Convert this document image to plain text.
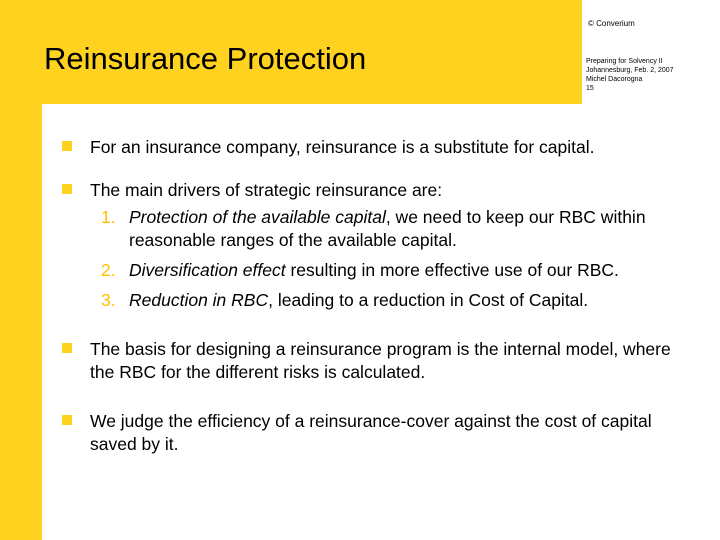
Reinsurance Protection
© Converium
Preparing for Solvency II
Johannesburg, Feb. 2, 2007
Michel Dacorogna
15
For an insurance company, reinsurance is a substitute for capital.
The main drivers of strategic reinsurance are:
1. Protection of the available capital, we need to keep our RBC within reasonable ranges of the available capital.
2. Diversification effect resulting in more effective use of our RBC.
3. Reduction in RBC, leading to a reduction in Cost of Capital.
The basis for designing a reinsurance program is the internal model, where the RBC for the different risks is calculated.
We judge the efficiency of a reinsurance-cover against the cost of capital saved by it.
